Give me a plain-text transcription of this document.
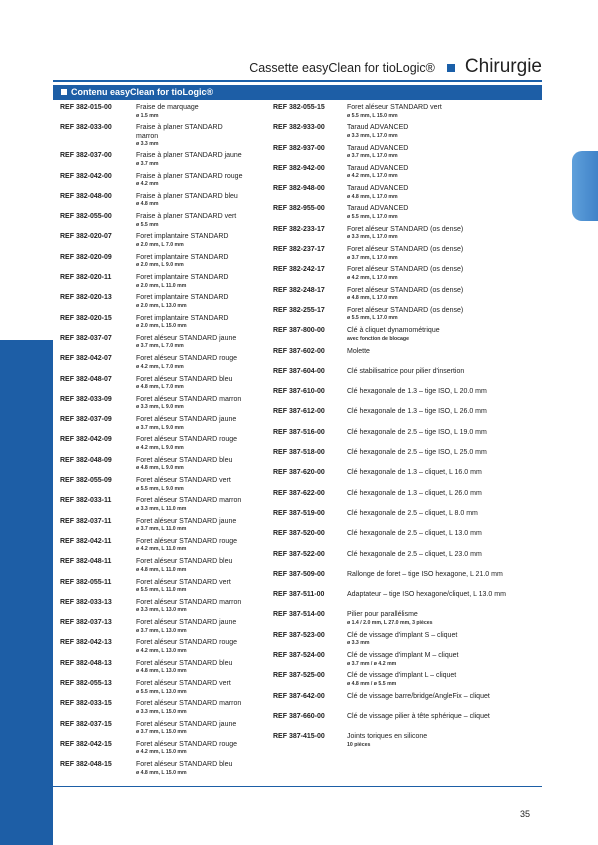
Cassette easyClean for tioLogic® Chirurgie
Contenu easyClean for tioLogic®
REF 382-015-00	Fraise de marquage
ø 1.5 mm
REF 382-033-00	Fraise à planer STANDARD
marron
ø 3.3 mm
REF 382-037-00	Fraise à planer STANDARD jaune
ø 3.7 mm
REF 382-042-00	Fraise à planer STANDARD rouge
ø 4.2 mm
REF 382-048-00	Fraise à planer STANDARD bleu
ø 4.8 mm
REF 382-055-00	Fraise à planer STANDARD vert
ø 5.5 mm
REF 382-020-07	Foret implantaire STANDARD
ø 2.0 mm, L 7.0 mm
REF 382-020-09	Foret implantaire STANDARD
ø 2.0 mm, L 9.0 mm
REF 382-020-11	Foret implantaire STANDARD
ø 2.0 mm, L 11.0 mm
REF 382-020-13	Foret implantaire STANDARD
ø 2.0 mm, L 13.0 mm
REF 382-020-15	Foret implantaire STANDARD
ø 2.0 mm, L 15.0 mm
REF 382-037-07	Foret aléseur STANDARD jaune
ø 3.7 mm, L 7.0 mm
REF 382-042-07	Foret aléseur STANDARD rouge
ø 4.2 mm, L 7.0 mm
REF 382-048-07	Foret aléseur STANDARD bleu
ø 4.8 mm, L 7.0 mm
REF 382-033-09	Foret aléseur STANDARD marron
ø 3.3 mm, L 9.0 mm
REF 382-037-09	Foret aléseur STANDARD jaune
ø 3.7 mm, L 9.0 mm
REF 382-042-09	Foret aléseur STANDARD rouge
ø 4.2 mm, L 9.0 mm
REF 382-048-09	Foret aléseur STANDARD bleu
ø 4.8 mm, L 9.0 mm
REF 382-055-09	Foret aléseur STANDARD vert
ø 5.5 mm, L 9.0 mm
REF 382-033-11	Foret aléseur STANDARD marron
ø 3.3 mm, L 11.0 mm
REF 382-037-11	Foret aléseur STANDARD jaune
ø 3.7 mm, L 11.0 mm
REF 382-042-11	Foret aléseur STANDARD rouge
ø 4.2 mm, L 11.0 mm
REF 382-048-11	Foret aléseur STANDARD bleu
ø 4.8 mm, L 11.0 mm
REF 382-055-11	Foret aléseur STANDARD vert
ø 5.5 mm, L 11.0 mm
REF 382-033-13	Foret aléseur STANDARD marron
ø 3.3 mm, L 13.0 mm
REF 382-037-13	Foret aléseur STANDARD jaune
ø 3.7 mm, L 13.0 mm
REF 382-042-13	Foret aléseur STANDARD rouge
ø 4.2 mm, L 13.0 mm
REF 382-048-13	Foret aléseur STANDARD bleu
ø 4.8 mm, L 13.0 mm
REF 382-055-13	Foret aléseur STANDARD vert
ø 5.5 mm, L 13.0 mm
REF 382-033-15	Foret aléseur STANDARD marron
ø 3.3 mm, L 15.0 mm
REF 382-037-15	Foret aléseur STANDARD jaune
ø 3.7 mm, L 15.0 mm
REF 382-042-15	Foret aléseur STANDARD rouge
ø 4.2 mm, L 15.0 mm
REF 382-048-15	Foret aléseur STANDARD bleu
ø 4.8 mm, L 15.0 mm
REF 382-055-15	Foret aléseur STANDARD vert
ø 5.5 mm, L 15.0 mm
REF 382-933-00	Taraud ADVANCED
ø 3.3 mm, L 17.0 mm
REF 382-937-00	Taraud ADVANCED
ø 3.7 mm, L 17.0 mm
REF 382-942-00	Taraud ADVANCED
ø 4.2 mm, L 17.0 mm
REF 382-948-00	Taraud ADVANCED
ø 4.8 mm, L 17.0 mm
REF 382-955-00	Taraud ADVANCED
ø 5.5 mm, L 17.0 mm
REF 382-233-17	Foret aléseur STANDARD (os dense)
ø 3.3 mm, L 17.0 mm
REF 382-237-17	Foret aléseur STANDARD (os dense)
ø 3.7 mm, L 17.0 mm
REF 382-242-17	Foret aléseur STANDARD (os dense)
ø 4.2 mm, L 17.0 mm
REF 382-248-17	Foret aléseur STANDARD (os dense)
ø 4.8 mm, L 17.0 mm
REF 382-255-17	Foret aléseur STANDARD (os dense)
ø 5.5 mm, L 17.0 mm
REF 387-800-00	Clé à cliquet dynamométrique
avec fonction de blocage
REF 387-602-00	Molette
REF 387-604-00	Clé stabilisatrice pour pilier d'insertion
REF 387-610-00	Clé hexagonale de 1.3 – tige ISO, L 20.0 mm
REF 387-612-00	Clé hexagonale de 1.3 – tige ISO, L 26.0 mm
REF 387-516-00	Clé hexagonale de 2.5 – tige ISO, L 19.0 mm
REF 387-518-00	Clé hexagonale de 2.5 – tige ISO, L 25.0 mm
REF 387-620-00	Clé hexagonale de 1.3 – cliquet, L 16.0 mm
REF 387-622-00	Clé hexagonale de 1.3 – cliquet, L 26.0 mm
REF 387-519-00	Clé hexagonale de 2.5 – cliquet, L 8.0 mm
REF 387-520-00	Clé hexagonale de 2.5 – cliquet, L 13.0 mm
REF 387-522-00	Clé hexagonale de 2.5 – cliquet, L 23.0 mm
REF 387-509-00	Rallonge de foret – tige ISO hexagone, L 21.0 mm
REF 387-511-00	Adaptateur – tige ISO hexagone/cliquet, L 13.0 mm
REF 387-514-00	Pilier pour parallélisme
ø 1.4 / 2.0 mm, L 27.0 mm, 3 pièces
REF 387-523-00	Clé de vissage d'implant S – cliquet
ø 3.3 mm
REF 387-524-00	Clé de vissage d'implant M – cliquet
ø 3.7 mm / ø 4.2 mm
REF 387-525-00	Clé de vissage d'implant L – cliquet
ø 4.8 mm / ø 5.5 mm
REF 387-642-00	Clé de vissage barre/bridge/AngleFix – cliquet
REF 387-660-00	Clé de vissage pilier à tête sphérique – cliquet
REF 387-415-00	Joints toriques en silicone
10 pièces
35
